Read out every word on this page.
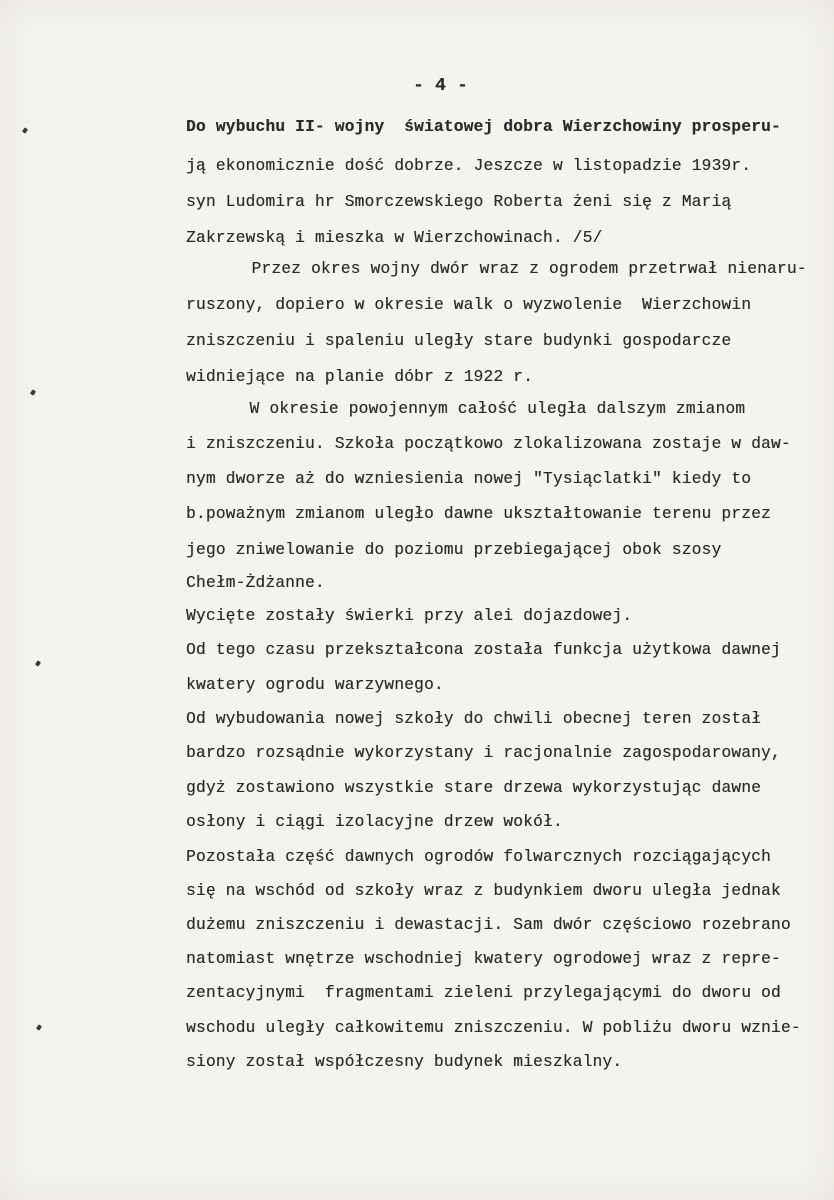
- 4 -
Do wybuchu II- wojny  światowej dobra Wierzchowiny prosperu-
ją ekonomicznie dość dobrze. Jeszcze w listopadzie 1939r.
syn Ludomira hr Smorczewskiego Roberta żeni się z Marią
Zakrzewską i mieszka w Wierzchowinach. /5/
Przez okres wojny dwór wraz z ogrodem przetrwał nienaru-
ruszony, dopiero w okresie walk o wyzwolenie  Wierzchowin
zniszczeniu i spaleniu uległy stare budynki gospodarcze
widniejące na planie dóbr z 1922 r.
W okresie powojennym całość uległa dalszym zmianom
i zniszczeniu. Szkoła początkowo zlokalizowana zostaje w daw-
nym dworze aż do wzniesienia nowej "Tysiąclatki" kiedy to
b.poważnym zmianom uległo dawne ukształtowanie terenu przez
jego zniwelowanie do poziomu przebiegającej obok szosy
Chełm-Żdżanne.
Wycięte zostały świerki przy alei dojazdowej.
Od tego czasu przekształcona została funkcja użytkowa dawnej
kwatery ogrodu warzywnego.
Od wybudowania nowej szkoły do chwili obecnej teren został
bardzo rozsądnie wykorzystany i racjonalnie zagospodarowany,
gdyż zostawiono wszystkie stare drzewa wykorzystując dawne
osłony i ciągi izolacyjne drzew wokół.
Pozostała część dawnych ogrodów folwarcznych rozciągających
się na wschód od szkoły wraz z budynkiem dworu uległa jednak
dużemu zniszczeniu i dewastacji. Sam dwór częściowo rozebrano
natomiast wnętrze wschodniej kwatery ogrodowej wraz z repre-
zentacyjnymi  fragmentami zieleni przylegającymi do dworu od
wschodu uległy całkowitemu zniszczeniu. W pobliżu dworu wznie-
siony został współczesny budynek mieszkalny.
